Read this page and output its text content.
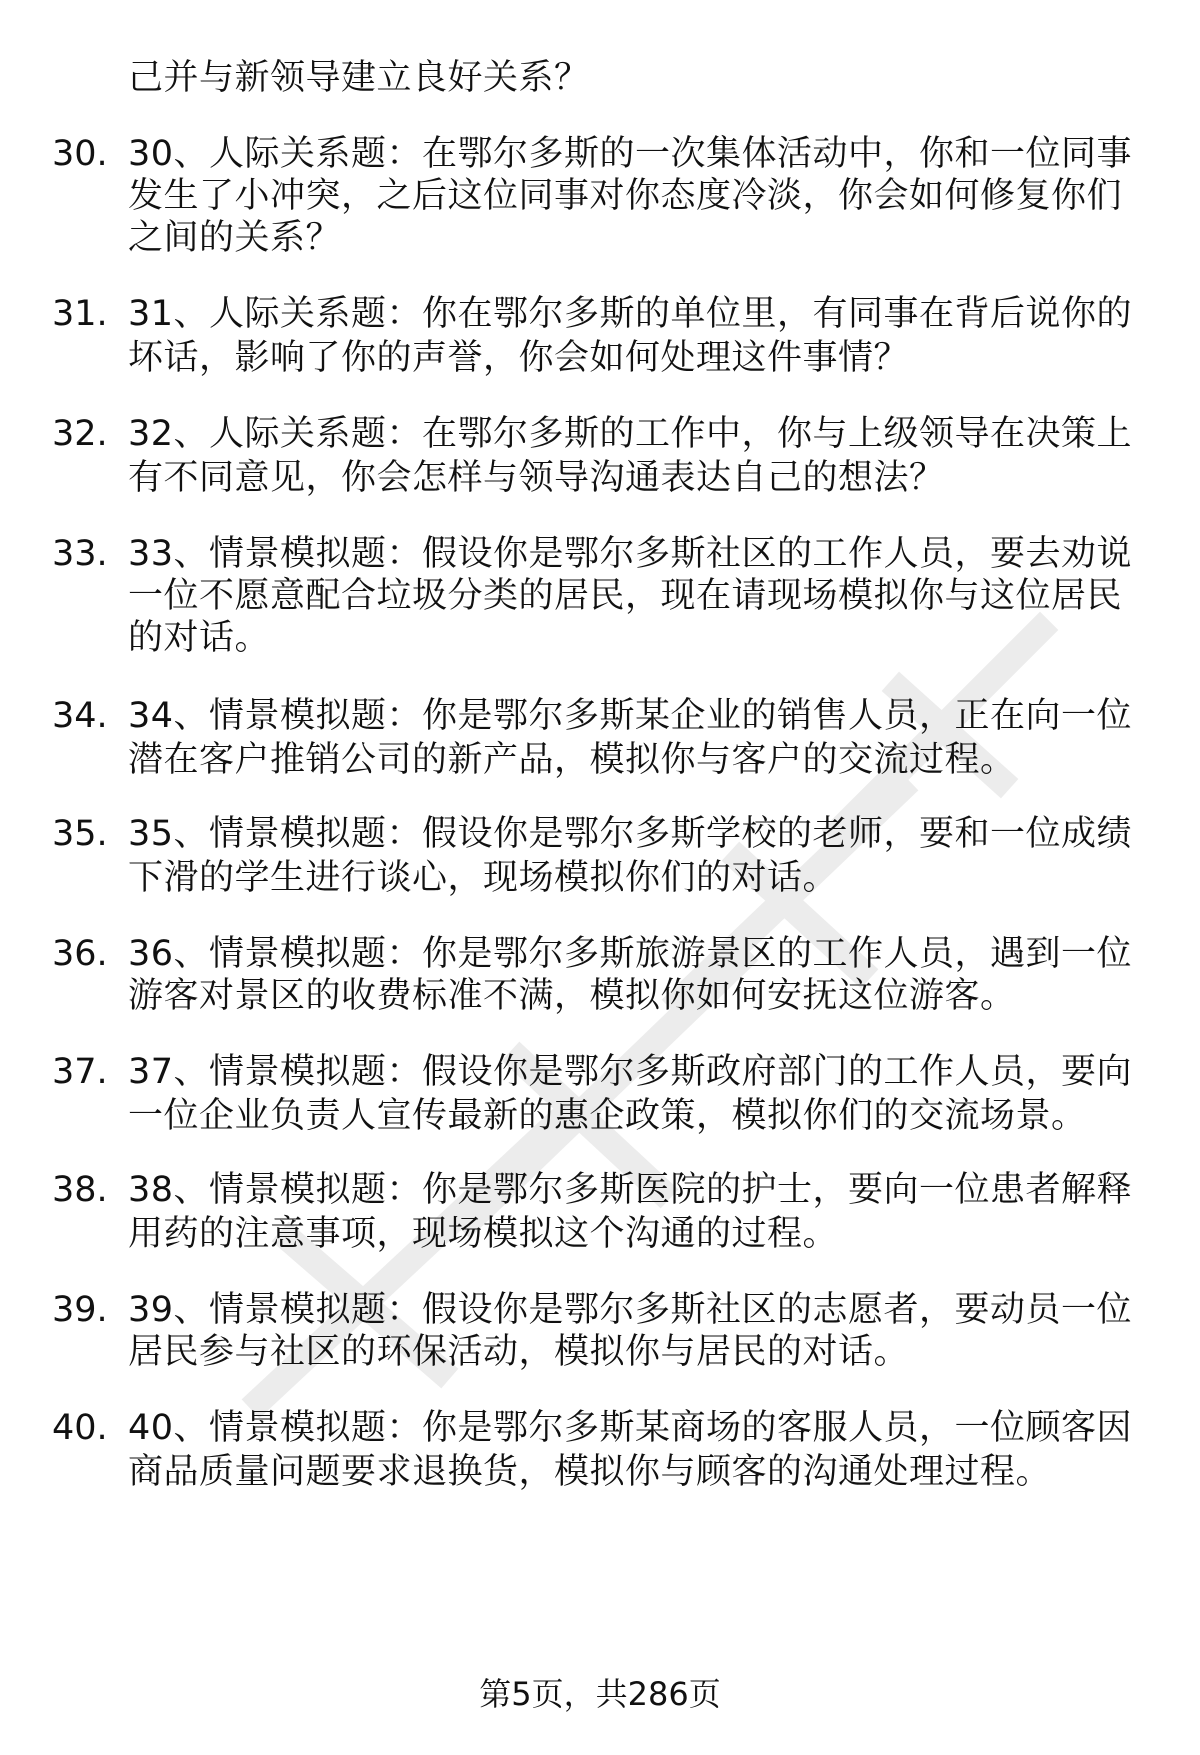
己并与新领导建立良好关系？
30. 30、人际关系题：在鄂尔多斯的一次集体活动中，你和一位同事
发生了小冲突，之后这位同事对你态度冷淡，你会如何修复你们
之间的关系？
31. 31、人际关系题：你在鄂尔多斯的单位里，有同事在背后说你的
坏话，影响了你的声誉，你会如何处理这件事情？
32. 32、人际关系题：在鄂尔多斯的工作中，你与上级领导在决策上
有不同意见，你会怎样与领导沟通表达自己的想法？
33. 33、情景模拟题：假设你是鄂尔多斯社区的工作人员，要去劝说
一位不愿意配合垃圾分类的居民，现在请现场模拟你与这位居民
的对话。
34. 34、情景模拟题：你是鄂尔多斯某企业的销售人员，正在向一位
潜在客户推销公司的新产品，模拟你与客户的交流过程。
35. 35、情景模拟题：假设你是鄂尔多斯学校的老师，要和一位成绩
下滑的学生进行谈心，现场模拟你们的对话。
36. 36、情景模拟题：你是鄂尔多斯旅游景区的工作人员，遇到一位
游客对景区的收费标准不满，模拟你如何安抚这位游客。
37. 37、情景模拟题：假设你是鄂尔多斯政府部门的工作人员，要向
一位企业负责人宣传最新的惠企政策，模拟你们的交流场景。
38. 38、情景模拟题：你是鄂尔多斯医院的护士，要向一位患者解释
用药的注意事项，现场模拟这个沟通的过程。
39. 39、情景模拟题：假设你是鄂尔多斯社区的志愿者，要动员一位
居民参与社区的环保活动，模拟你与居民的对话。
40. 40、情景模拟题：你是鄂尔多斯某商场的客服人员，一位顾客因
商品质量问题要求退换货，模拟你与顾客的沟通处理过程。
第5页，共286页
